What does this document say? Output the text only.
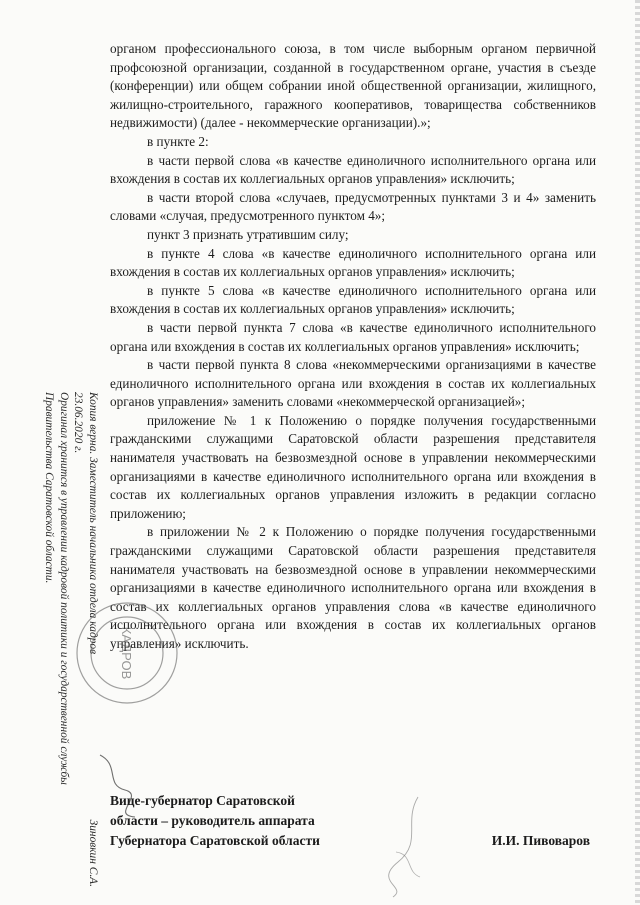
органом профессионального союза, в том числе выборным органом первичной профсоюзной организации, созданной в государственном органе, участия в съезде (конференции) или общем собрании иной общественной организации, жилищного, жилищно-строительного, гаражного кооперативов, товарищества собственников недвижимости) (далее - некоммерческие организации).»;

в пункте 2:

в части первой слова «в качестве единоличного исполнительного органа или вхождения в состав их коллегиальных органов управления» исключить;

в части второй слова «случаев, предусмотренных пунктами 3 и 4» заменить словами «случая, предусмотренного пунктом 4»;

пункт 3 признать утратившим силу;

в пункте 4 слова «в качестве единоличного исполнительного органа или вхождения в состав их коллегиальных органов управления» исключить;

в пункте 5 слова «в качестве единоличного исполнительного органа или вхождения в состав их коллегиальных органов управления» исключить;

в части первой пункта 7 слова «в качестве единоличного исполнительного органа или вхождения в состав их коллегиальных органов управления» исключить;

в части первой пункта 8 слова «некоммерческими организациями в качестве единоличного исполнительного органа или вхождения в состав их коллегиальных органов управления» заменить словами «некоммерческой организацией»;

приложение № 1 к Положению о порядке получения государственными гражданскими служащими Саратовской области разрешения представителя нанимателя участвовать на безвозмездной основе в управлении некоммерческими организациями в качестве единоличного исполнительного органа или вхождения в состав их коллегиальных органов управления изложить в редакции согласно приложению;

в приложении № 2 к Положению о порядке получения государственными гражданскими служащими Саратовской области разрешения представителя нанимателя участвовать на безвозмездной основе в управлении некоммерческими организациями в качестве единоличного исполнительного органа или вхождения в состав их коллегиальных органов управления слова «в качестве единоличного исполнительного органа или вхождения в состав их коллегиальных органов управления» исключить.

Копия верна. Заместитель начальника отдела кадров
Зиновкин С.А.
23.06.2020 г.
Оригинал хранится в управлении кадровой политики и государственной службы
Правительства Саратовской области.
КАДРОВ
Вице-губернатор Саратовской
области – руководитель аппарата
Губернатора Саратовской области	И.И. Пивоваров
